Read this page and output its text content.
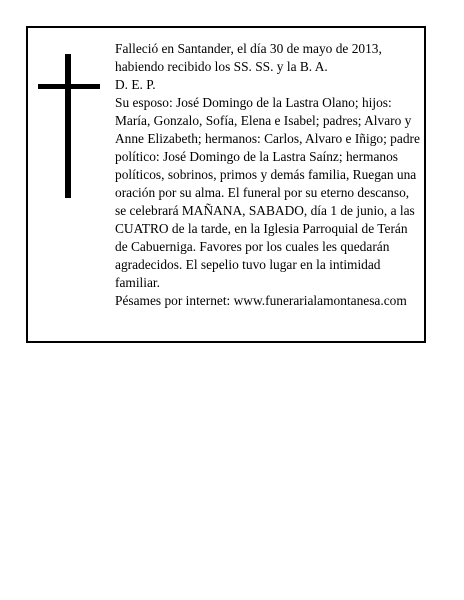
Falleció en Santander, el día 30 de mayo de 2013, habiendo recibido los SS. SS. y la B. A.

D. E. P.

Su esposo: José Domingo de la Lastra Olano; hijos: María, Gonzalo, Sofía, Elena e Isabel; padres; Alvaro y Anne Elizabeth; hermanos: Carlos, Alvaro e Iñigo; padre político: José Domingo de la Lastra Saínz; hermanos políticos, sobrinos, primos y demás familia, Ruegan una oración por su alma. El funeral por su eterno descanso, se celebrará MAÑANA, SABADO, día 1 de junio, a las CUATRO de la tarde, en la Iglesia Parroquial de Terán de Cabuerniga. Favores por los cuales les quedarán agradecidos. El sepelio tuvo lugar en la intimidad familiar.

Pésames por internet: www.funerarialamontanesa.com
